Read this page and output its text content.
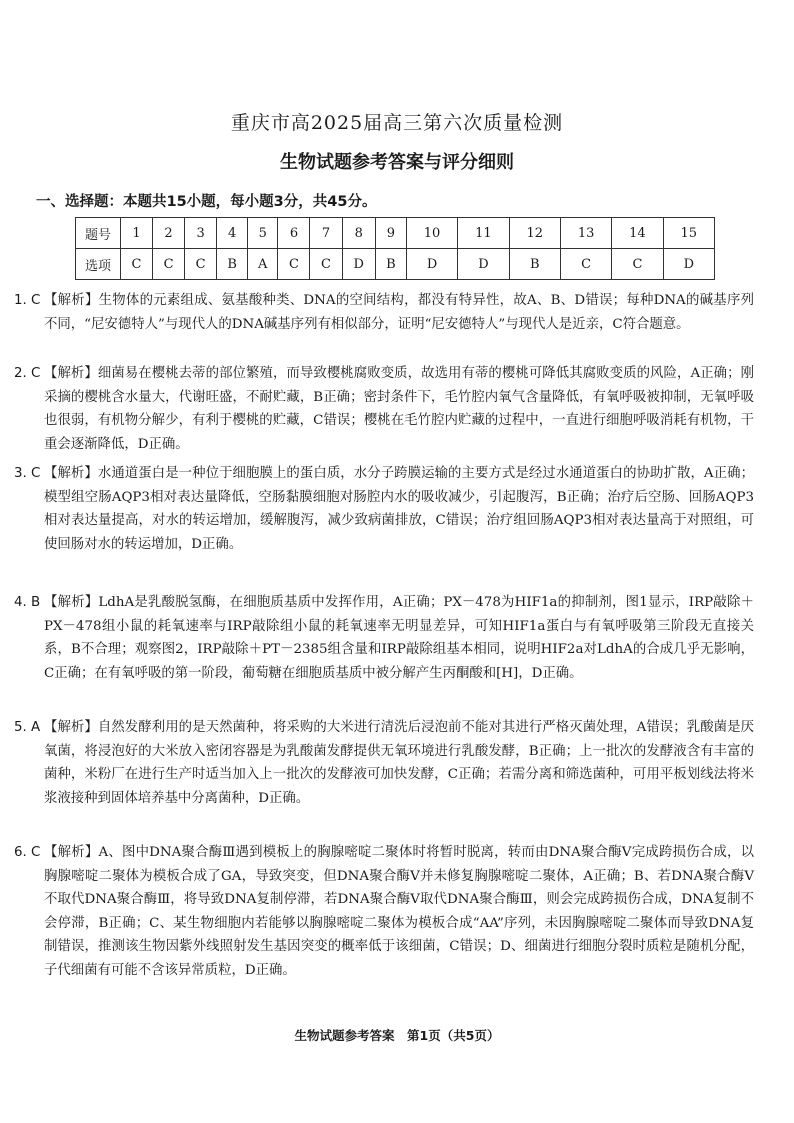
重庆市高2025届高三第六次质量检测
生物试题参考答案与评分细则
一、选择题：本题共15小题，每小题3分，共45分。
题号	1	2	3	4	5	6	7	8	9	10	11	12	13	14	15
选项	C	C	C	B	A	C	C	D	B	D	D	B	C	C	D
1. C 【解析】生物体的元素组成、氨基酸种类、DNA的空间结构，都没有特异性，故A、B、D错误；每种DNA的碱基序列不同，“尼安德特人”与现代人的DNA碱基序列有相似部分，证明“尼安德特人”与现代人是近亲，C符合题意。
2. C 【解析】细菌易在樱桃去蒂的部位繁殖，而导致樱桃腐败变质，故选用有蒂的樱桃可降低其腐败变质的风险，A正确；刚采摘的樱桃含水量大，代谢旺盛，不耐贮藏，B正确；密封条件下，毛竹腔内氧气含量降低，有氧呼吸被抑制，无氧呼吸也很弱，有机物分解少，有利于樱桃的贮藏，C错误；樱桃在毛竹腔内贮藏的过程中，一直进行细胞呼吸消耗有机物，干重会逐渐降低，D正确。
3. C 【解析】水通道蛋白是一种位于细胞膜上的蛋白质，水分子跨膜运输的主要方式是经过水通道蛋白的协助扩散，A正确；模型组空肠AQP3相对表达量降低，空肠黏膜细胞对肠腔内水的吸收减少，引起腹泻，B正确；治疗后空肠、回肠AQP3相对表达量提高，对水的转运增加，缓解腹泻，减少致病菌排放，C错误；治疗组回肠AQP3相对表达量高于对照组，可使回肠对水的转运增加，D正确。
4. B 【解析】LdhA是乳酸脱氢酶，在细胞质基质中发挥作用，A正确；PX－478为HIF1a的抑制剂，图1显示，IRP敲除＋PX－478组小鼠的耗氧速率与IRP敲除组小鼠的耗氧速率无明显差异，可知HIF1a蛋白与有氧呼吸第三阶段无直接关系，B不合理；观察图2，IRP敲除＋PT－2385组含量和IRP敲除组基本相同，说明HIF2a对LdhA的合成几乎无影响，C正确；在有氧呼吸的第一阶段，葡萄糖在细胞质基质中被分解产生丙酮酸和[H]，D正确。
5. A 【解析】自然发酵利用的是天然菌种，将采购的大米进行清洗后浸泡前不能对其进行严格灭菌处理，A错误；乳酸菌是厌氧菌，将浸泡好的大米放入密闭容器是为乳酸菌发酵提供无氧环境进行乳酸发酵，B正确；上一批次的发酵液含有丰富的菌种，米粉厂在进行生产时适当加入上一批次的发酵液可加快发酵，C正确；若需分离和筛选菌种，可用平板划线法将米浆液接种到固体培养基中分离菌种，D正确。
6. C 【解析】A、图中DNA聚合酶Ⅲ遇到模板上的胸腺嘧啶二聚体时将暂时脱离，转而由DNA聚合酶Ⅴ完成跨损伤合成，以胸腺嘧啶二聚体为模板合成了GA，导致突变，但DNA聚合酶Ⅴ并未修复胸腺嘧啶二聚体，A正确；B、若DNA聚合酶Ⅴ不取代DNA聚合酶Ⅲ，将导致DNA复制停滞，若DNA聚合酶Ⅴ取代DNA聚合酶Ⅲ，则会完成跨损伤合成，DNA复制不会停滞，B正确；C、某生物细胞内若能够以胸腺嘧啶二聚体为模板合成“AA”序列，未因胸腺嘧啶二聚体而导致DNA复制错误，推测该生物因紫外线照射发生基因突变的概率低于该细菌，C错误；D、细菌进行细胞分裂时质粒是随机分配，子代细菌有可能不含该异常质粒，D正确。
生物试题参考答案　第1页（共5页）
